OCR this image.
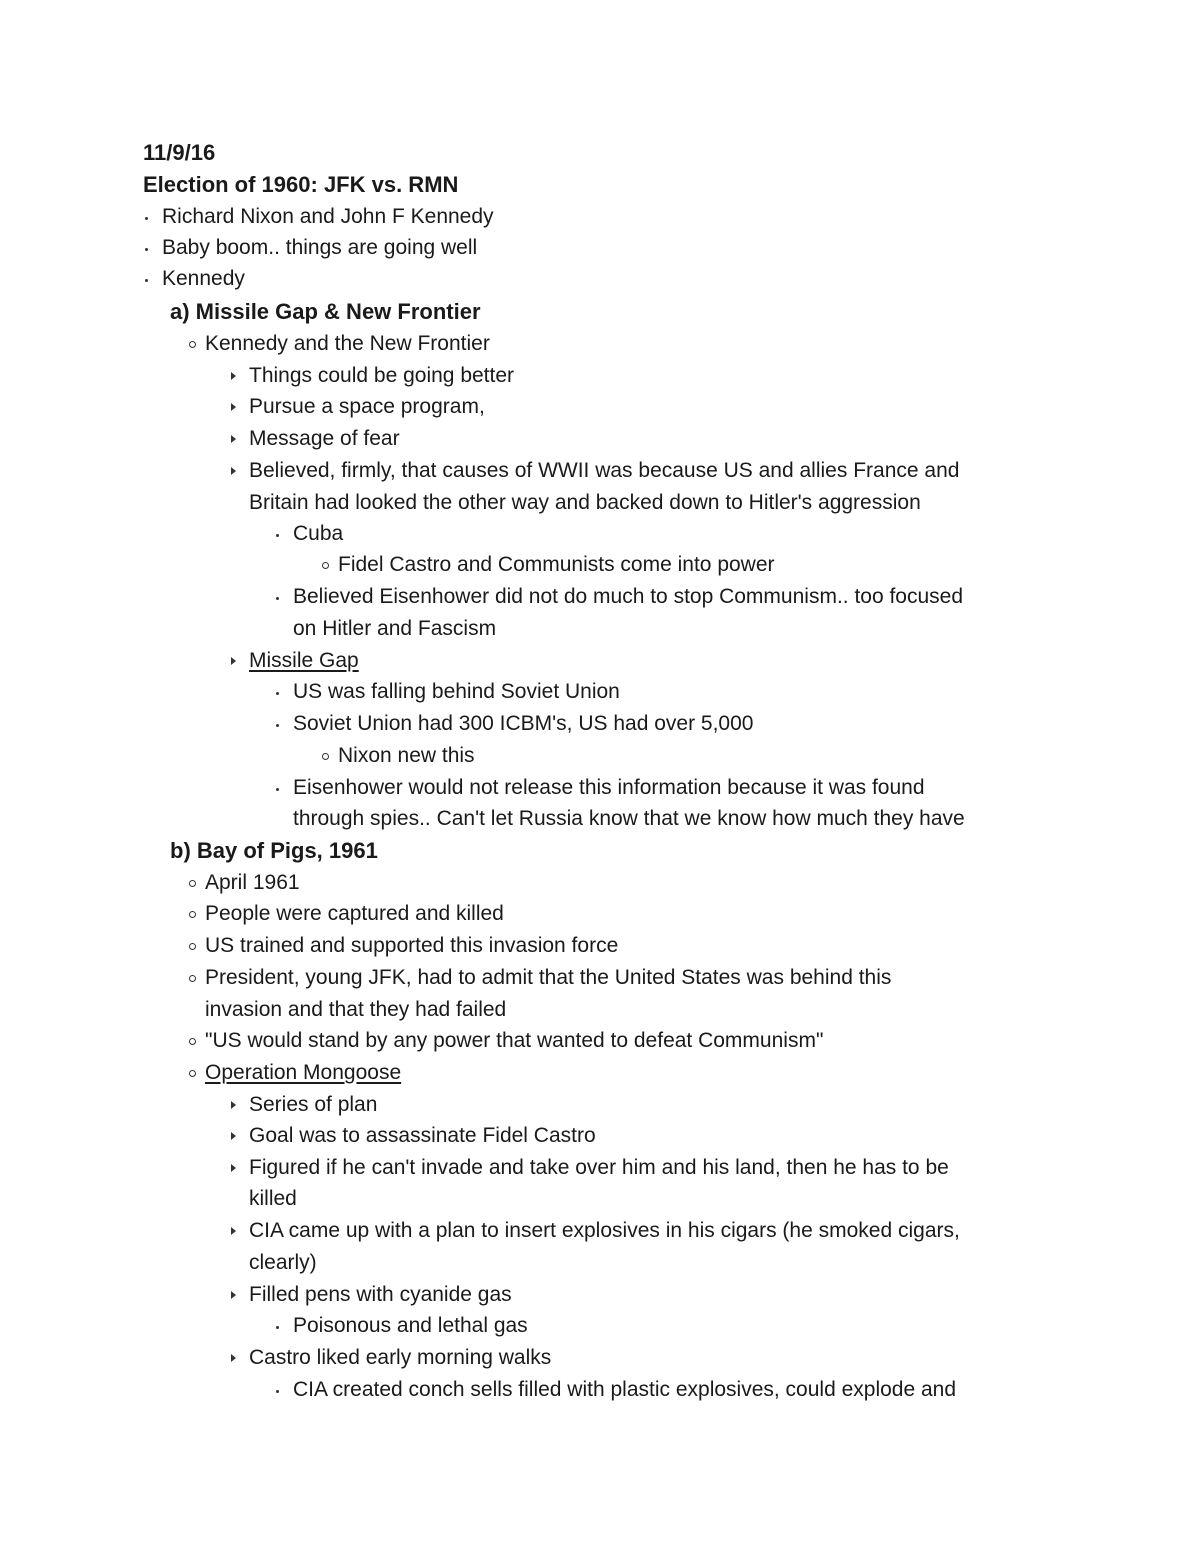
11/9/16
Election of 1960: JFK vs. RMN
Richard Nixon and John F Kennedy
Baby boom.. things are going well
Kennedy
a) Missile Gap & New Frontier
Kennedy and the New Frontier
Things could be going better
Pursue a space program,
Message of fear
Believed, firmly, that causes of WWII was because US and allies France and
Britain had looked the other way and backed down to Hitler's aggression
Cuba
Fidel Castro and Communists come into power
Believed Eisenhower did not do much to stop Communism.. too focused
on Hitler and Fascism
Missile Gap
US was falling behind Soviet Union
Soviet Union had 300 ICBM's, US had over 5,000
Nixon new this
Eisenhower would not release this information because it was found
through spies.. Can't let Russia know that we know how much they have
b) Bay of Pigs, 1961
April 1961
People were captured and killed
US trained and supported this invasion force
President, young JFK, had to admit that the United States was behind this
invasion and that they had failed
"US would stand by any power that wanted to defeat Communism"
Operation Mongoose
Series of plan
Goal was to assassinate Fidel Castro
Figured if he can't invade and take over him and his land, then he has to be
killed
CIA came up with a plan to insert explosives in his cigars (he smoked cigars,
clearly)
Filled pens with cyanide gas
Poisonous and lethal gas
Castro liked early morning walks
CIA created conch sells filled with plastic explosives, could explode and
